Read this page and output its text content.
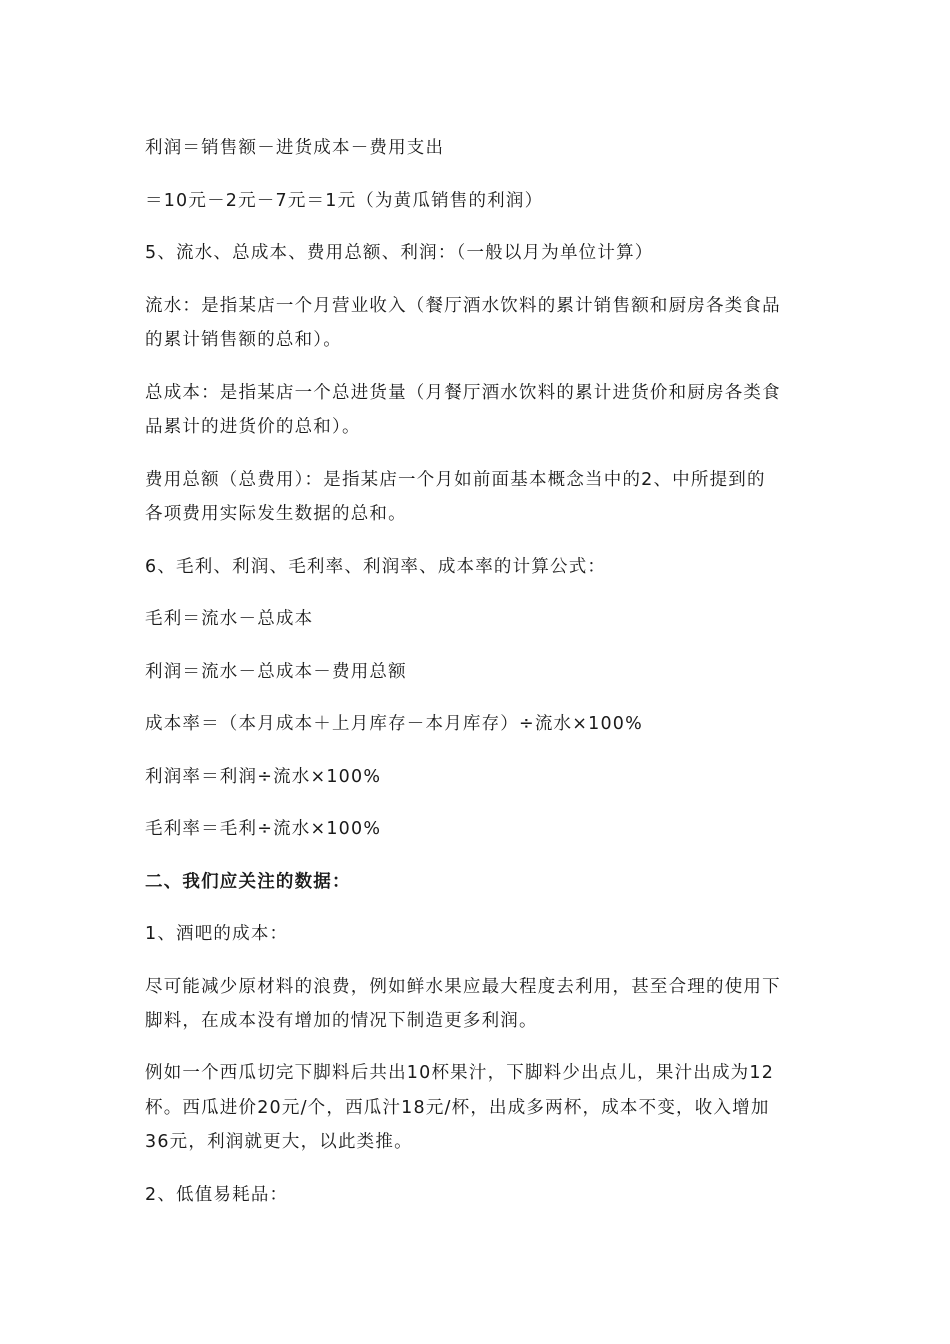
利润＝销售额－进货成本－费用支出
＝10元－2元－7元＝1元（为黄瓜销售的利润）
5、流水、总成本、费用总额、利润：（一般以月为单位计算）
流水：是指某店一个月营业收入（餐厅酒水饮料的累计销售额和厨房各类食品
的累计销售额的总和）。
总成本：是指某店一个总进货量（月餐厅酒水饮料的累计进货价和厨房各类食
品累计的进货价的总和）。
费用总额（总费用）：是指某店一个月如前面基本概念当中的2、中所提到的
各项费用实际发生数据的总和。
6、毛利、利润、毛利率、利润率、成本率的计算公式：
毛利＝流水－总成本
利润＝流水－总成本－费用总额
成本率＝（本月成本＋上月库存－本月库存）÷流水×100%
利润率＝利润÷流水×100%
毛利率＝毛利÷流水×100%
二、我们应关注的数据：
1、酒吧的成本：
尽可能减少原材料的浪费，例如鲜水果应最大程度去利用，甚至合理的使用下
脚料，在成本没有增加的情况下制造更多利润。
例如一个西瓜切完下脚料后共出10杯果汁，下脚料少出点儿，果汁出成为12
杯。西瓜进价20元/个，西瓜汁18元/杯，出成多两杯，成本不变，收入增加
36元，利润就更大，以此类推。
2、低值易耗品：
